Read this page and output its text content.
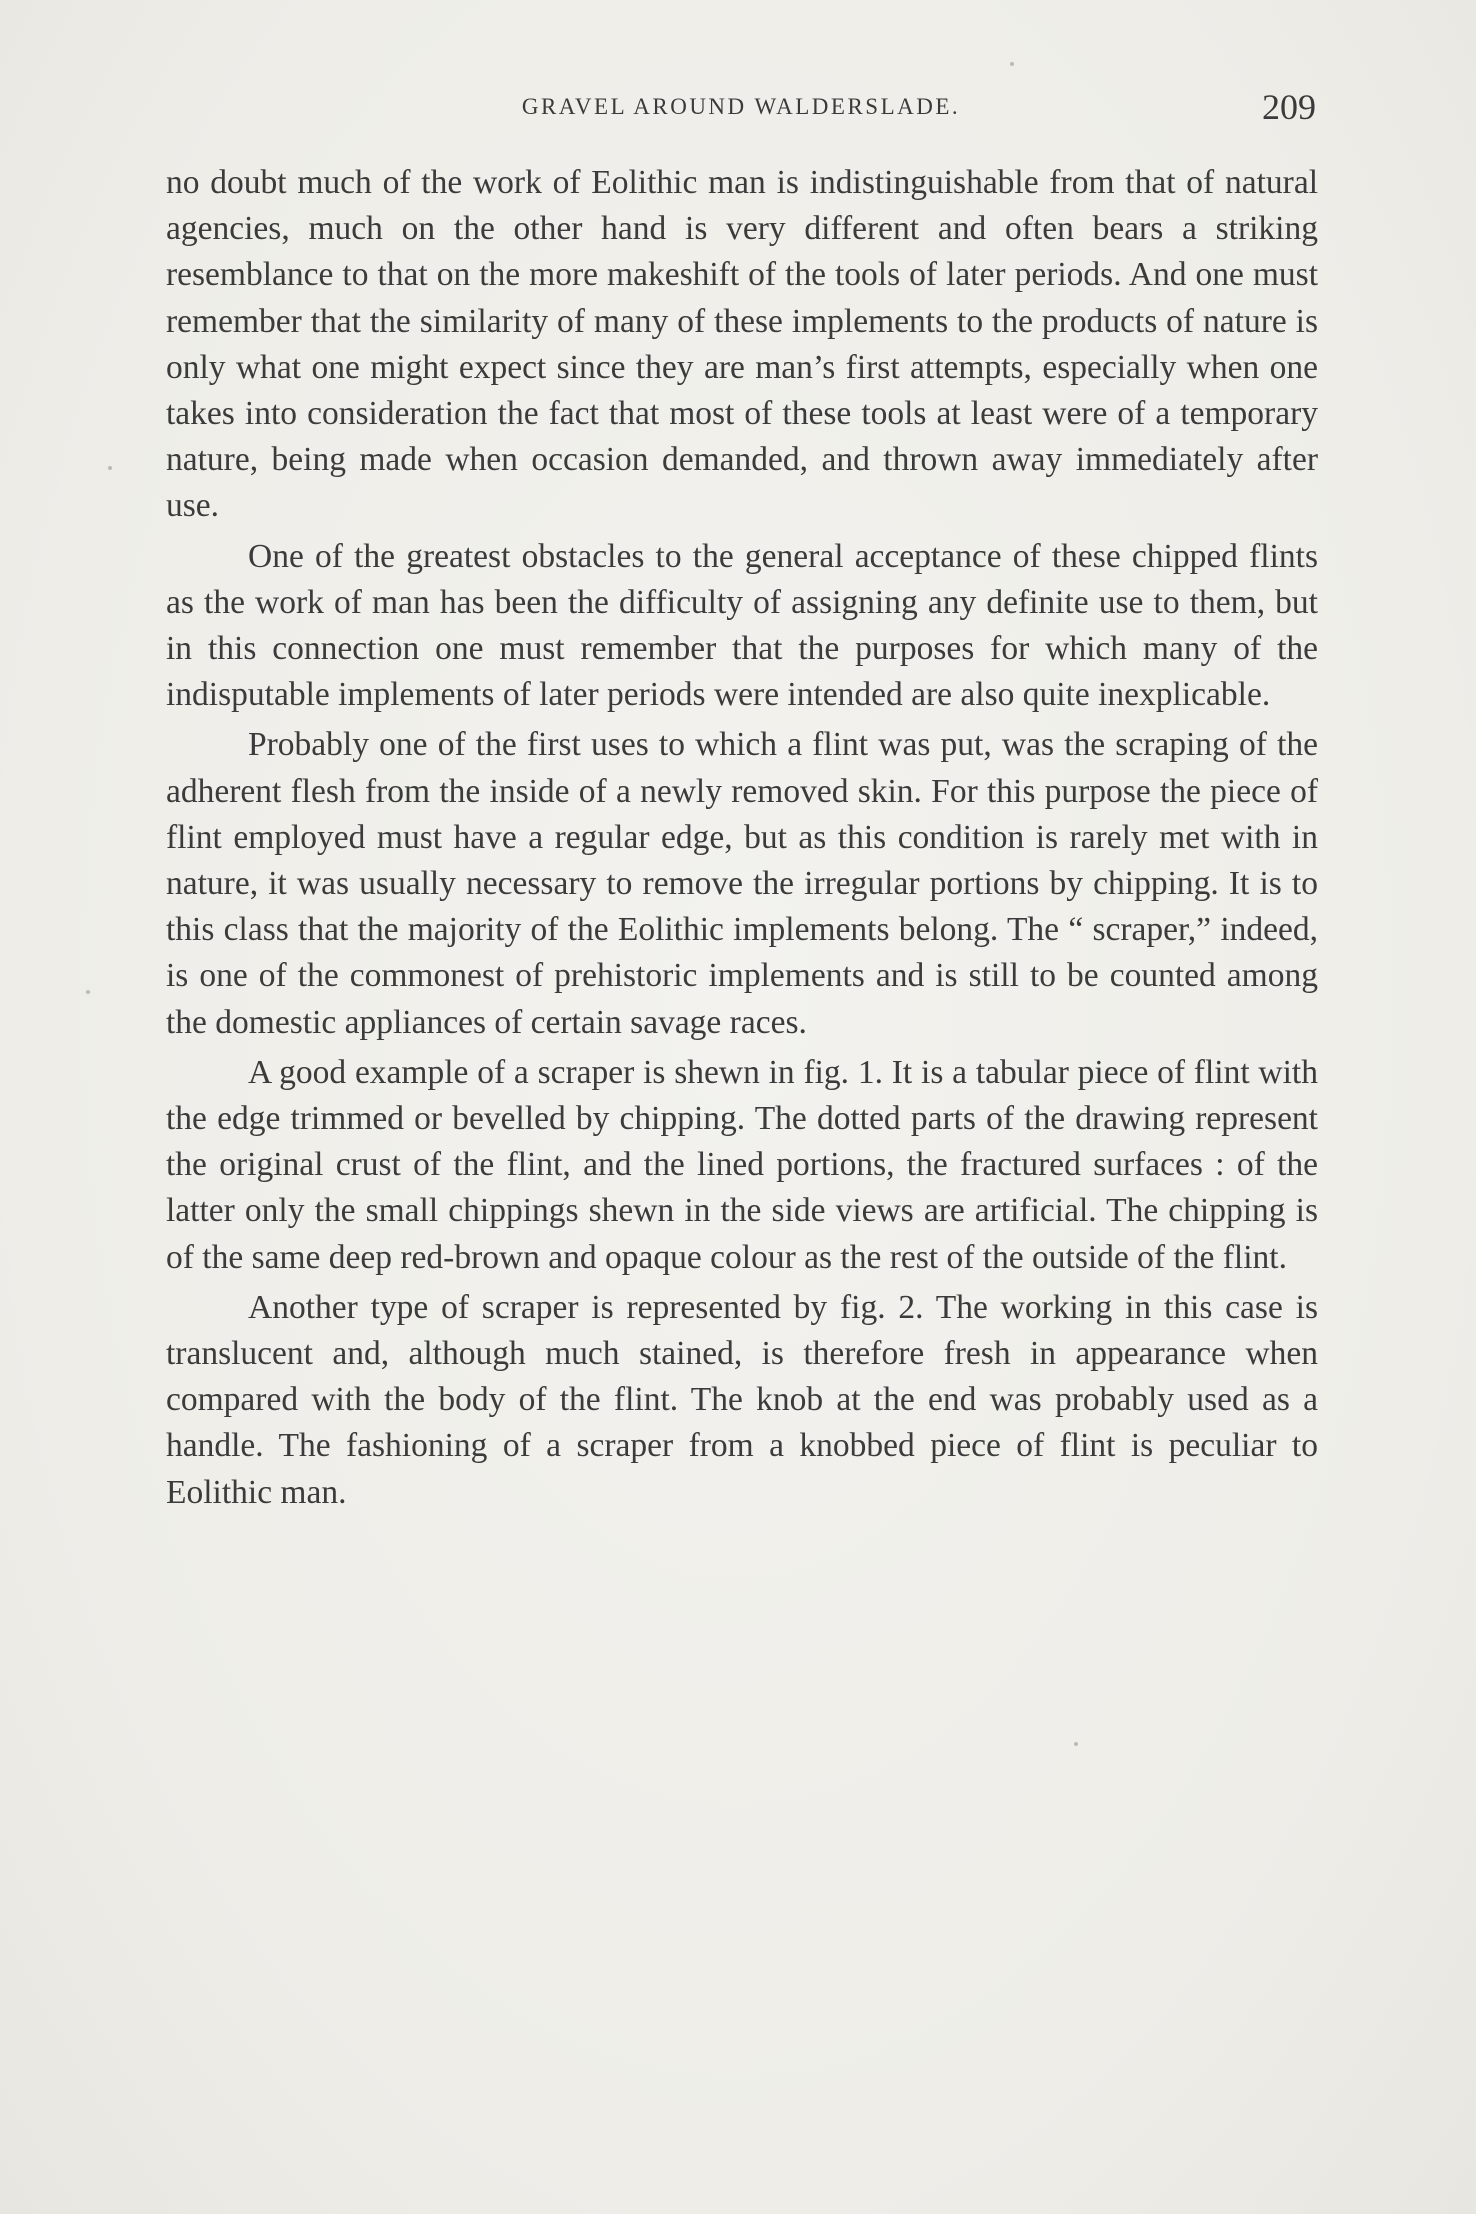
GRAVEL AROUND WALDERSLADE.	209

no doubt much of the work of Eolithic man is indistinguishable from that of natural agencies, much on the other hand is very different and often bears a striking resemblance to that on the more makeshift of the tools of later periods. And one must remember that the similarity of many of these implements to the products of nature is only what one might expect since they are man’s first attempts, especially when one takes into consideration the fact that most of these tools at least were of a temporary nature, being made when occasion demanded, and thrown away immediately after use.

One of the greatest obstacles to the general acceptance of these chipped flints as the work of man has been the difficulty of assigning any definite use to them, but in this connection one must remember that the purposes for which many of the indisputable implements of later periods were intended are also quite inexplicable.

Probably one of the first uses to which a flint was put, was the scraping of the adherent flesh from the inside of a newly removed skin. For this purpose the piece of flint employed must have a regular edge, but as this condition is rarely met with in nature, it was usually necessary to remove the irregular portions by chipping. It is to this class that the majority of the Eolithic implements belong. The “ scraper,” indeed, is one of the commonest of prehistoric implements and is still to be counted among the domestic appliances of certain savage races.

A good example of a scraper is shewn in fig. 1. It is a tabular piece of flint with the edge trimmed or bevelled by chipping. The dotted parts of the drawing represent the original crust of the flint, and the lined portions, the fractured surfaces : of the latter only the small chippings shewn in the side views are artificial. The chipping is of the same deep red-brown and opaque colour as the rest of the outside of the flint.

Another type of scraper is represented by fig. 2. The working in this case is translucent and, although much stained, is therefore fresh in appearance when compared with the body of the flint. The knob at the end was probably used as a handle. The fashioning of a scraper from a knobbed piece of flint is peculiar to Eolithic man.
